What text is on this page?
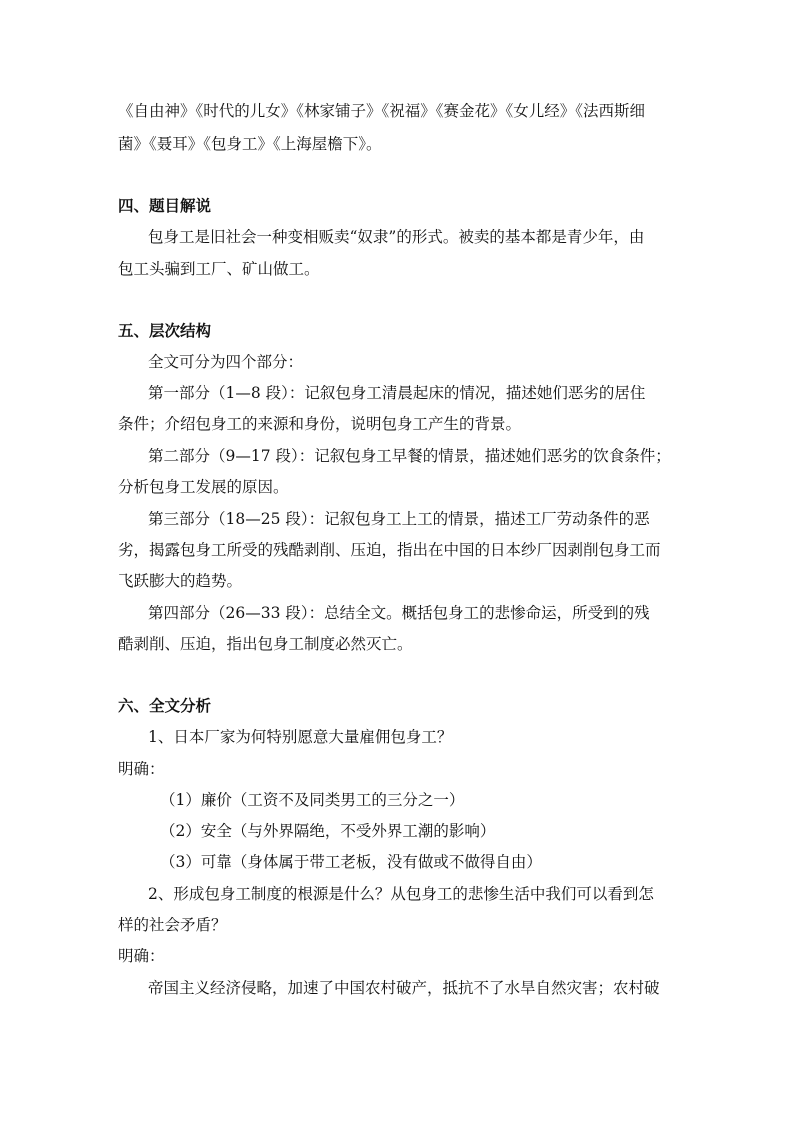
《自由神》《时代的儿女》《林家铺子》《祝福》《赛金花》《女儿经》《法西斯细
菌》《聂耳》《包身工》《上海屋檐下》。
四、题目解说
包身工是旧社会一种变相贩卖“奴隶”的形式。被卖的基本都是青少年，由
包工头骗到工厂、矿山做工。
五、层次结构
全文可分为四个部分：
第一部分（1—8 段）：记叙包身工清晨起床的情况，描述她们恶劣的居住
条件；介绍包身工的来源和身份，说明包身工产生的背景。
第二部分（9—17 段）：记叙包身工早餐的情景，描述她们恶劣的饮食条件；
分析包身工发展的原因。
第三部分（18—25 段）：记叙包身工上工的情景，描述工厂劳动条件的恶
劣，揭露包身工所受的残酷剥削、压迫，指出在中国的日本纱厂因剥削包身工而
飞跃膨大的趋势。
第四部分（26—33 段）：总结全文。概括包身工的悲惨命运，所受到的残
酷剥削、压迫，指出包身工制度必然灭亡。
六、全文分析
1、日本厂家为何特别愿意大量雇佣包身工？
明确：
（1）廉价（工资不及同类男工的三分之一）
（2）安全（与外界隔绝，不受外界工潮的影响）
（3）可靠（身体属于带工老板，没有做或不做得自由）
2、形成包身工制度的根源是什么？从包身工的悲惨生活中我们可以看到怎
样的社会矛盾？
明确：
帝国主义经济侵略，加速了中国农村破产，抵抗不了水旱自然灾害；农村破
